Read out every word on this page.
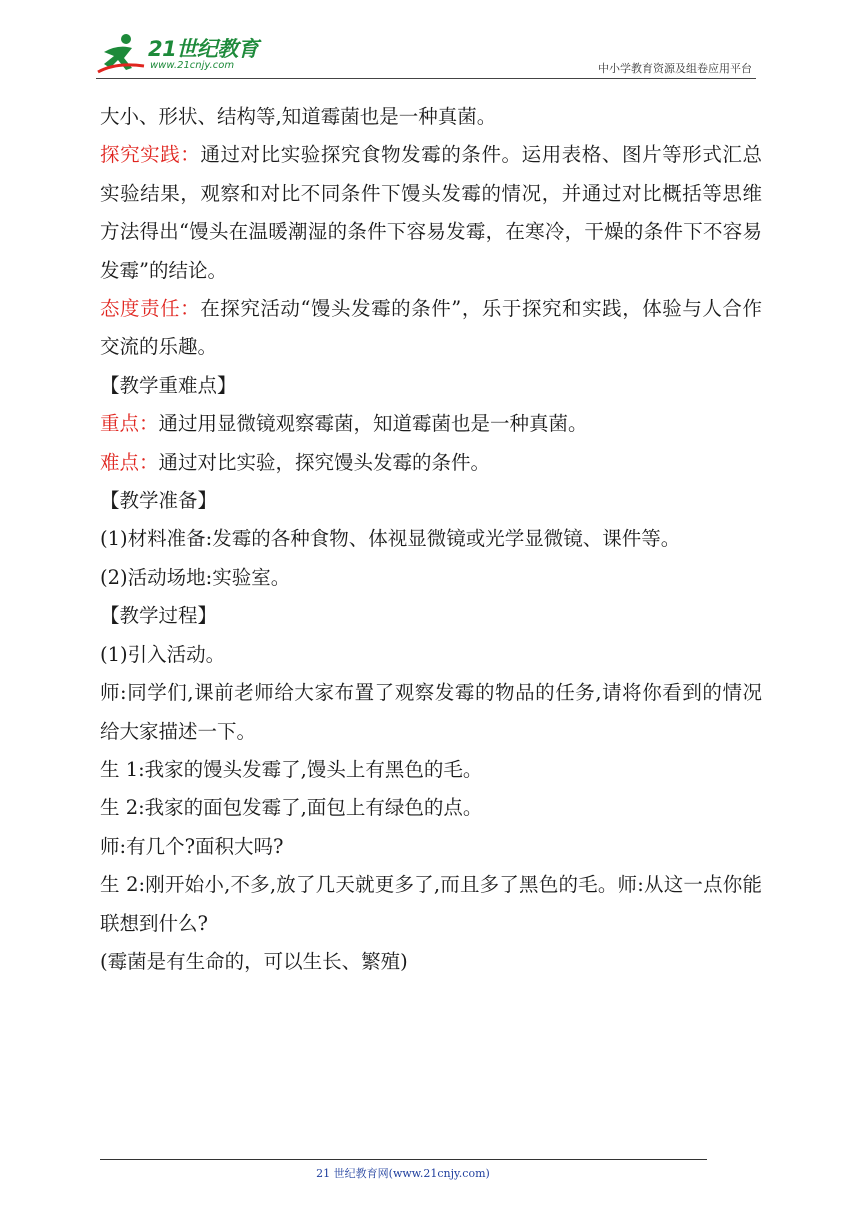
21世纪教育
www.21cnjy.com	中小学教育资源及组卷应用平台

大小、形状、结构等,知道霉菌也是一种真菌。

探究实践：通过对比实验探究食物发霉的条件。运用表格、图片等形式汇总实验结果，观察和对比不同条件下馒头发霉的情况，并通过对比概括等思维方法得出“馒头在温暖潮湿的条件下容易发霉，在寒冷，干燥的条件下不容易发霉”的结论。

态度责任：在探究活动“馒头发霉的条件”，乐于探究和实践，体验与人合作交流的乐趣。

【教学重难点】

重点：通过用显微镜观察霉菌，知道霉菌也是一种真菌。

难点：通过对比实验，探究馒头发霉的条件。

【教学准备】

(1)材料准备:发霉的各种食物、体视显微镜或光学显微镜、课件等。

(2)活动场地:实验室。

【教学过程】

(1)引入活动。

师:同学们,课前老师给大家布置了观察发霉的物品的任务,请将你看到的情况给大家描述一下。

生 1:我家的馒头发霉了,馒头上有黑色的毛。

生 2:我家的面包发霉了,面包上有绿色的点。

师:有几个?面积大吗?

生 2:刚开始小,不多,放了几天就更多了,而且多了黑色的毛。师:从这一点你能联想到什么?

(霉菌是有生命的，可以生长、繁殖)

21 世纪教育网(www.21cnjy.com)
